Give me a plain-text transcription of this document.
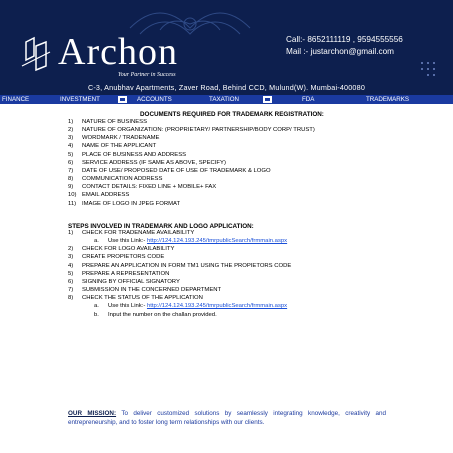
Archon
Your Partner in Success
Call:- 8652111119 , 9594555556
Mail :- justarchon@gmail.com
C-3, Anubhav Apartments, Zaver Road, Behind CCD, Mulund(W). Mumbai-400080
FINANCE	INVESTMENT	ACCOUNTS	TAXATION	FDA	TRADEMARKS
DOCUMENTS REQUIRED FOR TRADEMARK REGISTRATION:
1) NATURE OF BUSINESS
2) NATURE OF ORGANIZATION: (PROPRIETARY/ PARTNERSHIP/BODY CORP/ TRUST)
3) WORDMARK / TRADENAME
4) NAME OF THE APPLICANT
5) PLACE OF BUSINESS AND ADDRESS
6) SERVICE ADDRESS (IF SAME AS ABOVE, SPECIFY)
7) DATE OF USE/ PROPOSED DATE OF USE OF TRADEMARK & LOGO
8) COMMUNICATION ADDRESS
9) CONTACT DETAILS: FIXED LINE + MOBILE+ FAX
10) EMAIL ADDRESS
11) IMAGE OF LOGO IN JPEG FORMAT
STEPS INVOLVED IN TRADEMARK AND LOGO APPLICATION:
1) CHECK FOR TRADENAME AVAILABILITY
a. Use this Link:- http://124.124.193.245/tmrpublicSearch/frmmain.aspx
2) CHECK FOR LOGO AVAILABILITY
3) CREATE PROPIETORS CODE
4) PREPARE AN APPLICATION IN FORM TM1 USING THE PROPIETORS CODE
5) PREPARE A REPRESENTATION
6) SIGNING BY OFFICIAL SIGNATORY
7) SUBMISSION IN THE CONCERNED DEPARTMENT
8) CHECK THE STATUS OF THE APPLICATION
a. Use this Link:- http://124.124.193.245/tmrpublicSearch/frmmain.aspx
b. Input the number on the challan provided.
OUR MISSION: To deliver customized solutions by seamlessly integrating knowledge, creativity and entrepreneurship, and to foster long term relationships with our clients.
